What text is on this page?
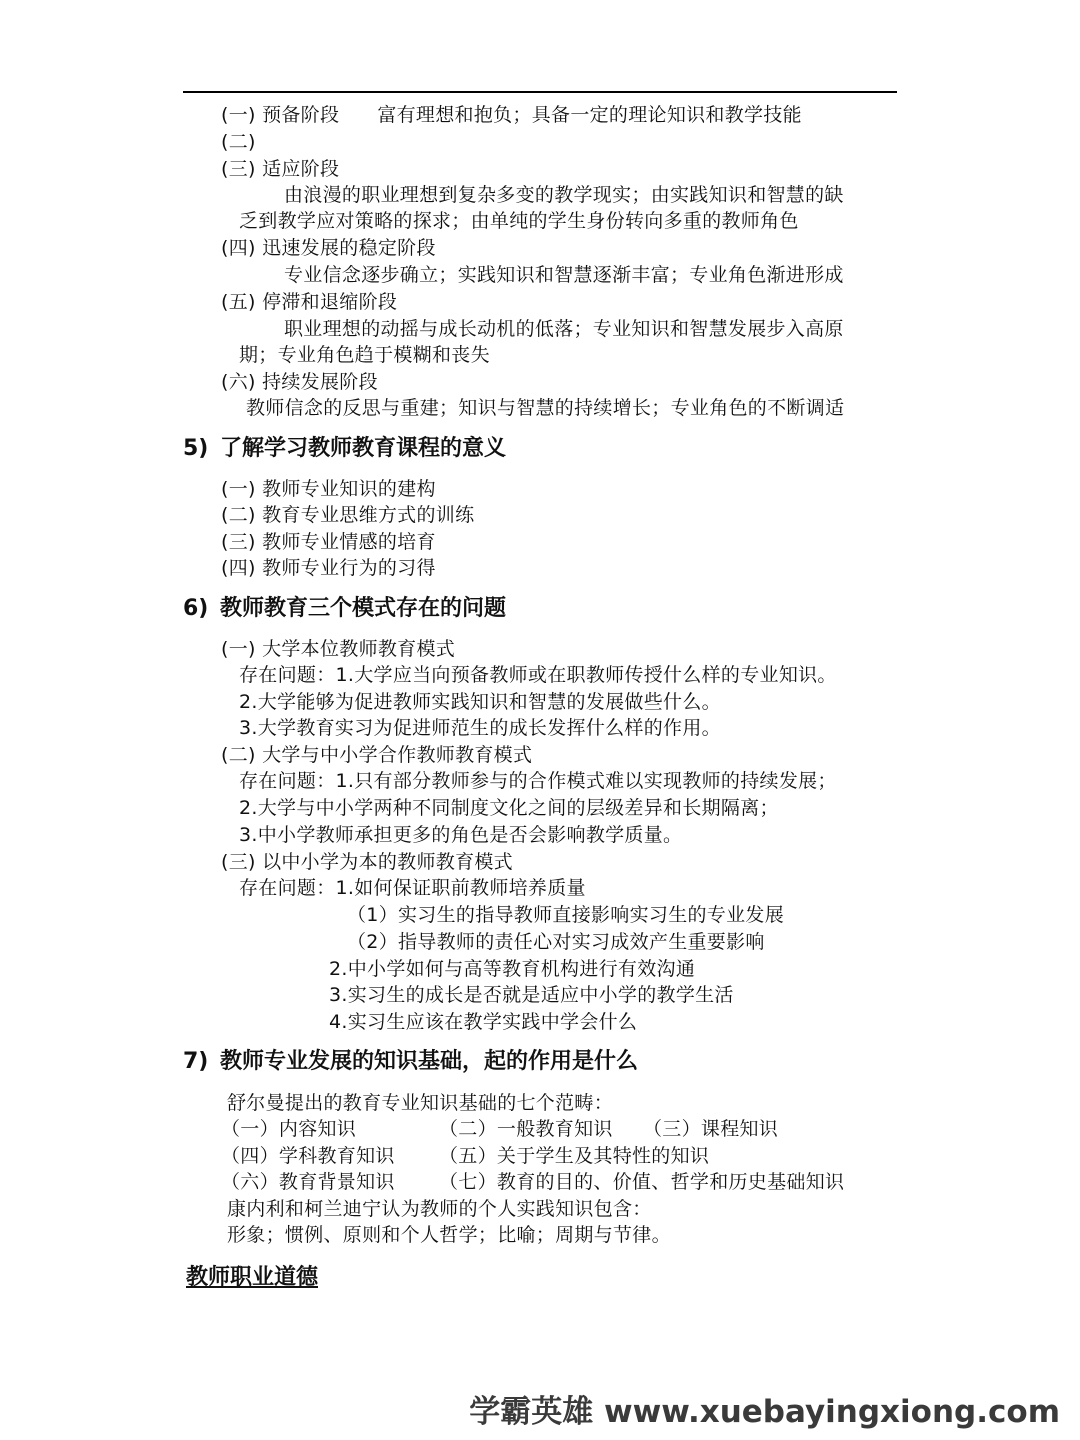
(一) 预备阶段 富有理想和抱负；具备一定的理论知识和教学技能
(二)
(三) 适应阶段
由浪漫的职业理想到复杂多变的教学现实；由实践知识和智慧的缺
乏到教学应对策略的探求；由单纯的学生身份转向多重的教师角色
(四) 迅速发展的稳定阶段
专业信念逐步确立；实践知识和智慧逐渐丰富；专业角色渐进形成
(五) 停滞和退缩阶段
职业理想的动摇与成长动机的低落；专业知识和智慧发展步入高原
期；专业角色趋于模糊和丧失
(六) 持续发展阶段
教师信念的反思与重建；知识与智慧的持续增长；专业角色的不断调适
5) 了解学习教师教育课程的意义
(一) 教师专业知识的建构
(二) 教育专业思维方式的训练
(三) 教师专业情感的培育
(四) 教师专业行为的习得
6) 教师教育三个模式存在的问题
(一) 大学本位教师教育模式
存在问题：1.大学应当向预备教师或在职教师传授什么样的专业知识。
2.大学能够为促进教师实践知识和智慧的发展做些什么。
3.大学教育实习为促进师范生的成长发挥什么样的作用。
(二) 大学与中小学合作教师教育模式
存在问题：1.只有部分教师参与的合作模式难以实现教师的持续发展；
2.大学与中小学两种不同制度文化之间的层级差异和长期隔离；
3.中小学教师承担更多的角色是否会影响教学质量。
(三) 以中小学为本的教师教育模式
存在问题：1.如何保证职前教师培养质量
（1）实习生的指导教师直接影响实习生的专业发展
（2）指导教师的责任心对实习成效产生重要影响
2.中小学如何与高等教育机构进行有效沟通
3.实习生的成长是否就是适应中小学的教学生活
4.实习生应该在教学实践中学会什么
7) 教师专业发展的知识基础，起的作用是什么
舒尔曼提出的教育专业知识基础的七个范畴：
（一）内容知识	（二）一般教育知识 （三）课程知识
（四）学科教育知识 （五）关于学生及其特性的知识
（六）教育背景知识 （七）教育的目的、价值、哲学和历史基础知识
康内利和柯兰迪宁认为教师的个人实践知识包含：
形象；惯例、原则和个人哲学；比喻；周期与节律。
教师职业道德
学霸英雄 www.xuebayingxiong.com
